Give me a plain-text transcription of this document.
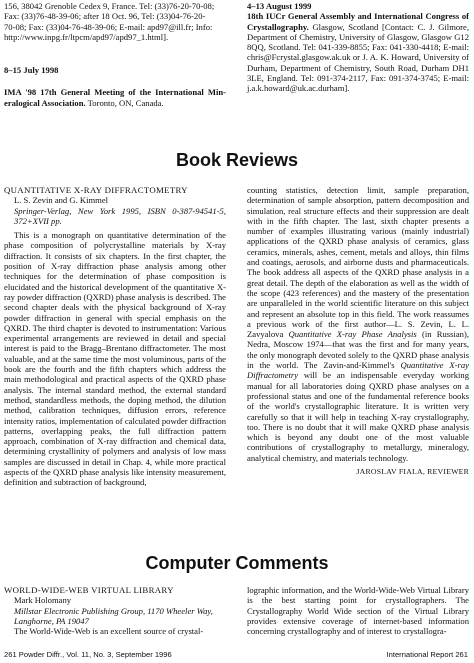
156, 38042 Grenoble Cedex 9, France. Tel: (33)76-20-70-08;
Fax: (33)76-48-39-06; after 18 Oct. 96, Tel: (33)04-76-20-
70-08; Fax: (33)04-76-48-39-06; E-mail: apd97@ill.fr; Info:
http://www.inpg.fr/ltpcm/apd97/apd97_1.html].
8–15 July 1998

IMA '98 17th General Meeting of the International Min-eralogical Association. Toronto, ON, Canada.

4–13 August 1999

18th IUCr General Assembly and International Congress of Crystallography. Glasgow, Scotland [Contact: C. J. Gilmore, Department of Chemistry, University of Glasgow, Glasgow G12 8QQ, Scotland. Tel: 041-339-8855; Fax: 041-330-4418; E-mail: chris@Fcrystal.glasgow.ak.uk or J. A. K. Howard, University of Durham, Department of Chemistry, South Road, Durham DH1 3LE, England. Tel: 091-374-2117, Fax: 091-374-3745; E-mail: j.a.k.howard@uk.ac.durham].

Book Reviews
QUANTITATIVE X-RAY DIFFRACTOMETRY
L. S. Zevin and G. Kimmel
Springer-Verlag, New York 1995, ISBN 0-387-94541-5, 372+XVII pp.

This is a monograph on quantitative determination of the phase composition of polycrystalline materials by X-ray diffraction. It consists of six chapters. In the first chapter, the position of X-ray diffraction phase analysis among other techniques for the determination of phase composition is elucidated and the historical development of the quantitative X-ray powder diffraction (QXRD) phase analysis is described. The second chapter deals with the physical background of X-ray powder diffraction in general with special emphasis on the QXRD. The third chapter is devoted to instrumentation: Various experimental arrangements are reviewed in detail and special interest is paid to the Bragg–Brentano diffractometer. The most valuable, and at the same time the most voluminous, parts of the book are the fourth and the fifth chapters which address the main methodological and practical aspects of the QXRD phase analysis. The internal standard method, the external standard method, standardless methods, the doping method, the dilution method, calibration techniques, diffusion errors, reference intensity ratios, implementation of calculated powder diffraction patterns, overlapping peaks, the full diffraction pattern approach, combination of X-ray diffraction and chemical data, determining crystallinity of polymers and analysis of low mass samples are discussed in detail in Chap. 4, while more practical aspects of the QXRD phase analysis like intensity measurement, definition and subtraction of background,

counting statistics, detection limit, sample preparation, determination of sample absorption, pattern decomposition and simulation, real structure effects and their suppression are dealt with in the fifth chapter. The last, sixth chapter presents a number of examples illustrating various (mainly industrial) applications of the QXRD phase analysis of ceramics, glass ceramics, minerals, ashes, cement, metals and alloys, thin films and coatings, aerosols, and airborne dusts and pharmaceuticals. The book address all aspects of the QXRD phase analysis in a great detail. The depth of the elaboration as well as the width of the scope (423 references) and the mastery of the presentation are unparalleled in the world scientific literature on this subject and represent an absolute top in this field. The work reassumes a previous work of the first author—L. S. Zevin, L. L. Zavyalova Quantitative X-ray Phase Analysis (in Russian), Nedra, Moscow 1974—that was the first and for many years, the only monograph devoted solely to the QXRD phase analysis in the world. The Zavin-and-Kimmel's Quantitative X-ray Diffractometry will be an indispensable everyday working manual for all laboratories doing QXRD phase analyses on a professional status and one of the fundamental reference books of the world's crystallographic literature. It is written very carefully so that it will help in teaching X-ray crystallography, too. There is no doubt that it will make QXRD phase analysis which is beyond any doubt one of the most valuable contributions of crystallography to metallurgy, mineralogy, analytical chemistry, and materials technology.

JAROSLAV FIALA, REVIEWER
Computer Comments
WORLD-WIDE-WEB VIRTUAL LIBRARY
Mark Holomany
Millstar Electronic Publishing Group, 1170 Wheeler Way, Langhorne, PA 19047

The World-Wide-Web is an excellent source of crystal-

lographic information, and the World-Wide-Web Virtual Library is the best starting point for crystallographers. The Crystallography World Wide section of the Virtual Library provides extensive coverage of internet-based information concerning crystallography and of interest to crystallogra-

261 Powder Diffr., Vol. 11, No. 3, September 1996	International Report 261
